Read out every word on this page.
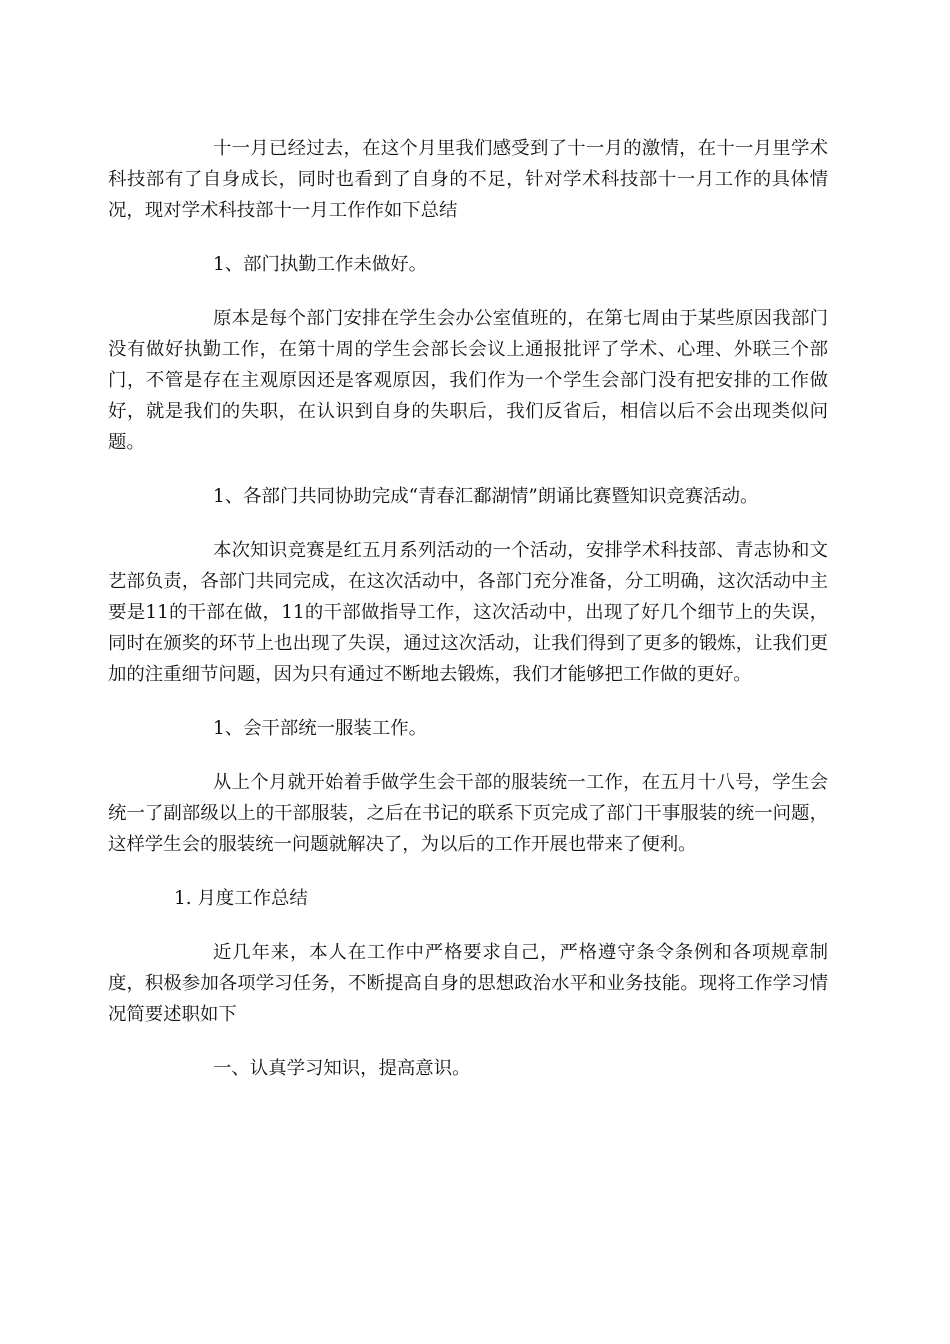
十一月已经过去，在这个月里我们感受到了十一月的激情，在十一月里学术科技部有了自身成长，同时也看到了自身的不足，针对学术科技部十一月工作的具体情况，现对学术科技部十一月工作作如下总结

1、部门执勤工作未做好。

原本是每个部门安排在学生会办公室值班的，在第七周由于某些原因我部门没有做好执勤工作，在第十周的学生会部长会议上通报批评了学术、心理、外联三个部门，不管是存在主观原因还是客观原因，我们作为一个学生会部门没有把安排的工作做好，就是我们的失职，在认识到自身的失职后，我们反省后，相信以后不会出现类似问题。

1、各部门共同协助完成“青春汇鄱湖情”朗诵比赛暨知识竞赛活动。

本次知识竞赛是红五月系列活动的一个活动，安排学术科技部、青志协和文艺部负责，各部门共同完成，在这次活动中，各部门充分准备，分工明确，这次活动中主要是11的干部在做，11的干部做指导工作，这次活动中，出现了好几个细节上的失误，同时在颁奖的环节上也出现了失误，通过这次活动，让我们得到了更多的锻炼，让我们更加的注重细节问题，因为只有通过不断地去锻炼，我们才能够把工作做的更好。

1、会干部统一服装工作。

从上个月就开始着手做学生会干部的服装统一工作，在五月十八号，学生会统一了副部级以上的干部服装，之后在书记的联系下页完成了部门干事服装的统一问题，这样学生会的服装统一问题就解决了，为以后的工作开展也带来了便利。

1. 月度工作总结

近几年来，本人在工作中严格要求自己，严格遵守条令条例和各项规章制度，积极参加各项学习任务，不断提高自身的思想政治水平和业务技能。现将工作学习情况简要述职如下

一、认真学习知识，提高意识。
